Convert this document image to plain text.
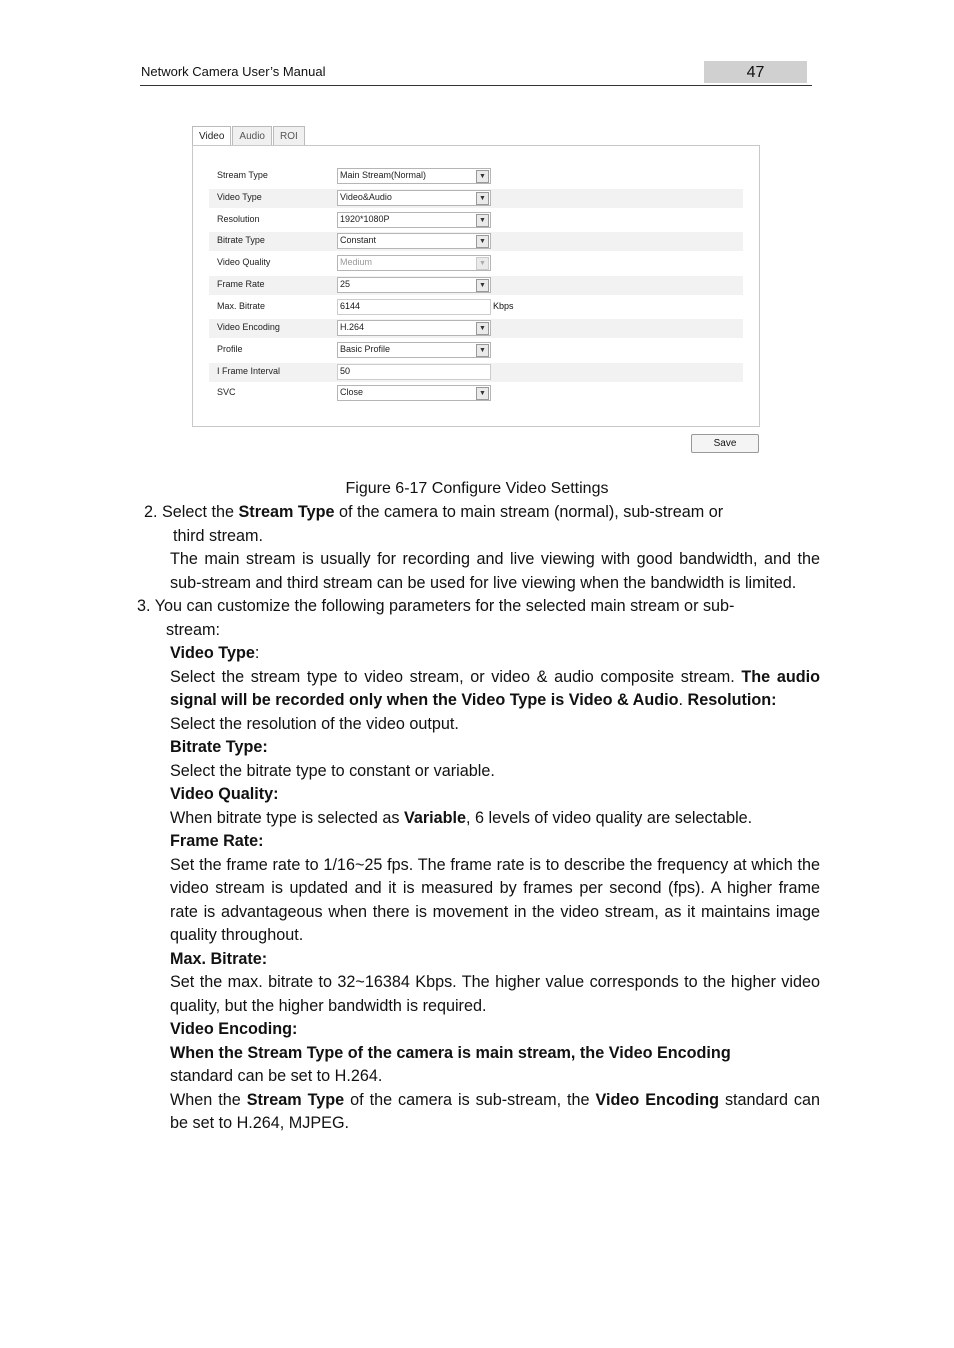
Network Camera User’s Manual	47
Video	Audio	ROI
Stream Type	Main Stream(Normal)	▼
Video Type	Video&Audio	▼
Resolution	1920*1080P	▼
Bitrate Type	Constant	▼
Video Quality	Medium	▼
Frame Rate	25	▼
Max. Bitrate	6144	Kbps
Video Encoding	H.264	▼
Profile	Basic Profile	▼
I Frame Interval	50
SVC	Close	▼
Save
Figure 6-17 Configure Video Settings

2. Select the Stream Type of the camera to main stream (normal), sub-stream or

third stream.

The main stream is usually for recording and live viewing with good bandwidth, and the sub-stream and third stream can be used for live viewing when the bandwidth is limited.

3. You can customize the following parameters for the selected main stream or sub-

stream:

Video Type:

Select the stream type to video stream, or video & audio composite stream. The audio signal will be recorded only when the Video Type is Video & Audio. Resolution:

Select the resolution of the video output.

Bitrate Type:

Select the bitrate type to constant or variable.

Video Quality:

When bitrate type is selected as Variable, 6 levels of video quality are selectable.

Frame Rate:

Set the frame rate to 1/16~25 fps. The frame rate is to describe the frequency at which the video stream is updated and it is measured by frames per second (fps). A higher frame rate is advantageous when there is movement in the video stream, as it maintains image quality throughout.

Max. Bitrate:

Set the max. bitrate to 32~16384 Kbps. The higher value corresponds to the higher video quality, but the higher bandwidth is required.

Video Encoding:

When the Stream Type of the camera is main stream, the Video Encoding

standard can be set to H.264.

When the Stream Type of the camera is sub-stream, the Video Encoding standard can be set to H.264, MJPEG.
